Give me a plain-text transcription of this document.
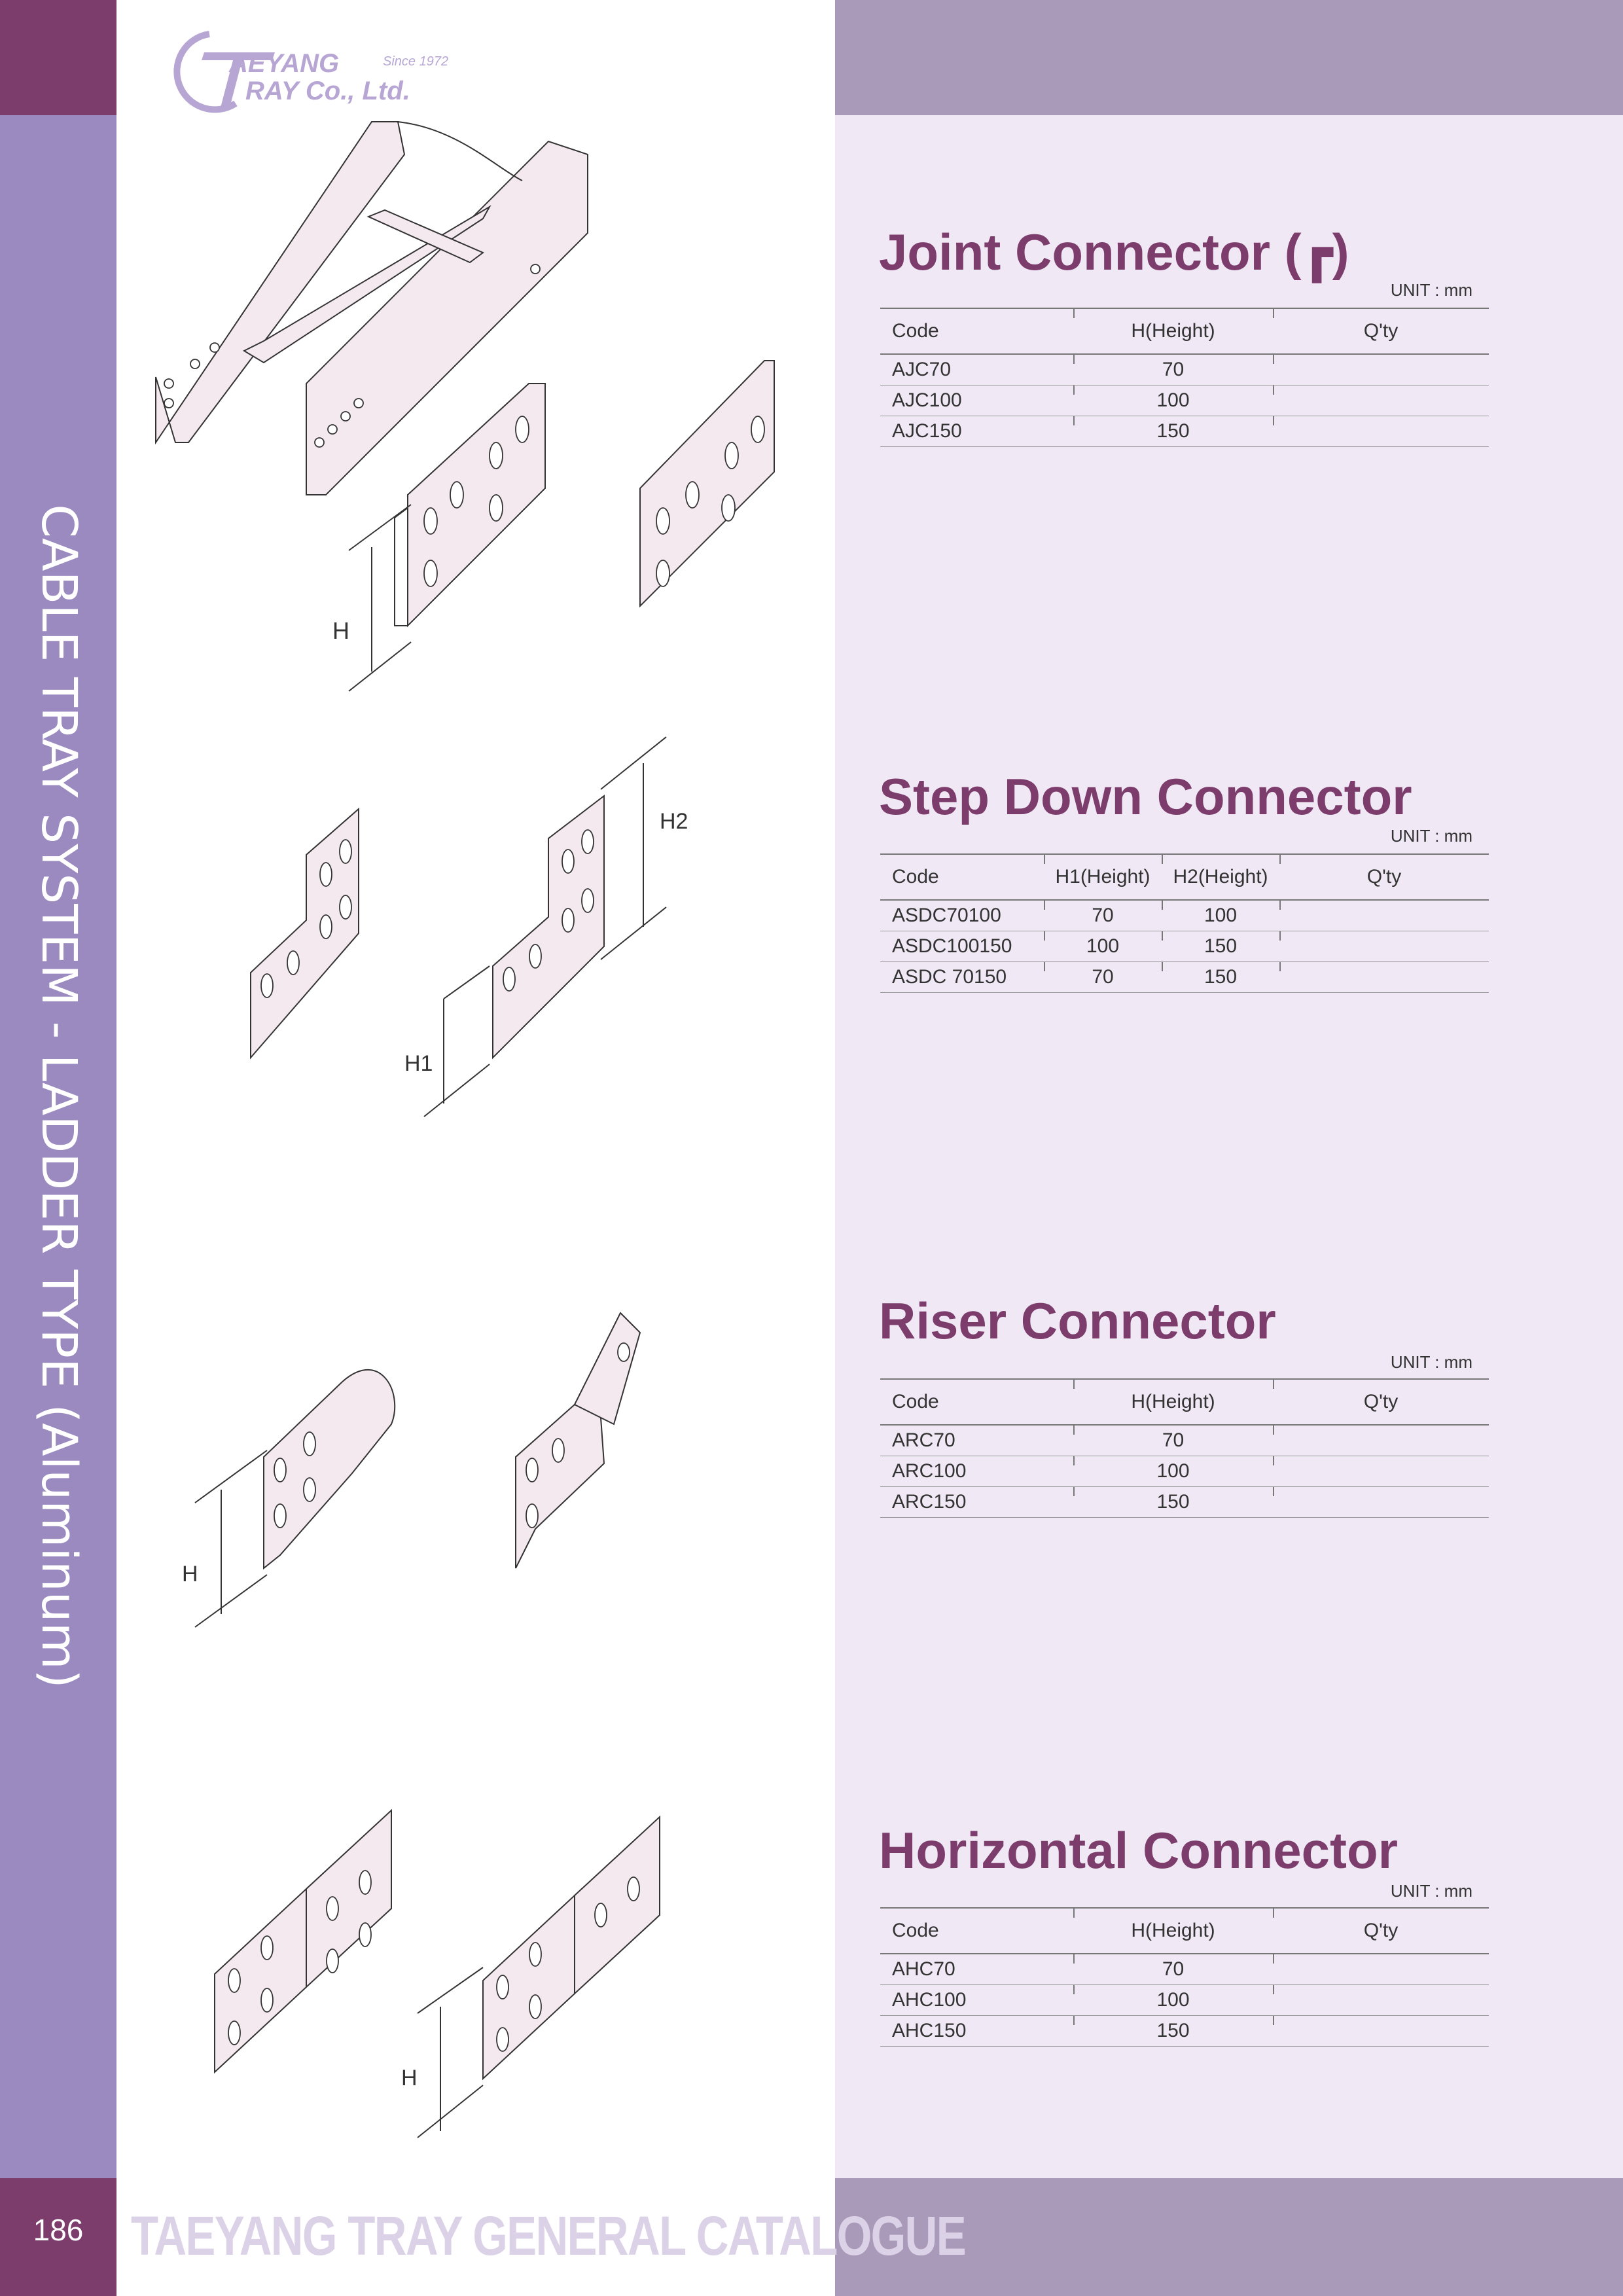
CABLE TRAY SYSTEM - LADDER TYPE (Aluminum)
186 TAEYANG TRAY GENERAL CATALOGUE
AEYANG
RAY Co., Ltd.
Since 1972
Joint Connector (┏)
UNIT : mm
Code	H(Height)	Q'ty
AJC70	70	
AJC100	100	
AJC150	150	
Step Down Connector
UNIT : mm
Code	H1(Height)	H2(Height)	Q'ty
ASDC70100	70	100	
ASDC100150	100	150	
ASDC 70150	70	150	
Riser Connector
UNIT : mm
Code	H(Height)	Q'ty
ARC70	70	
ARC100	100	
ARC150	150	
Horizontal Connector
UNIT : mm
Code	H(Height)	Q'ty
AHC70	70	
AHC100	100	
AHC150	150	
H
H1
H2
H
H
